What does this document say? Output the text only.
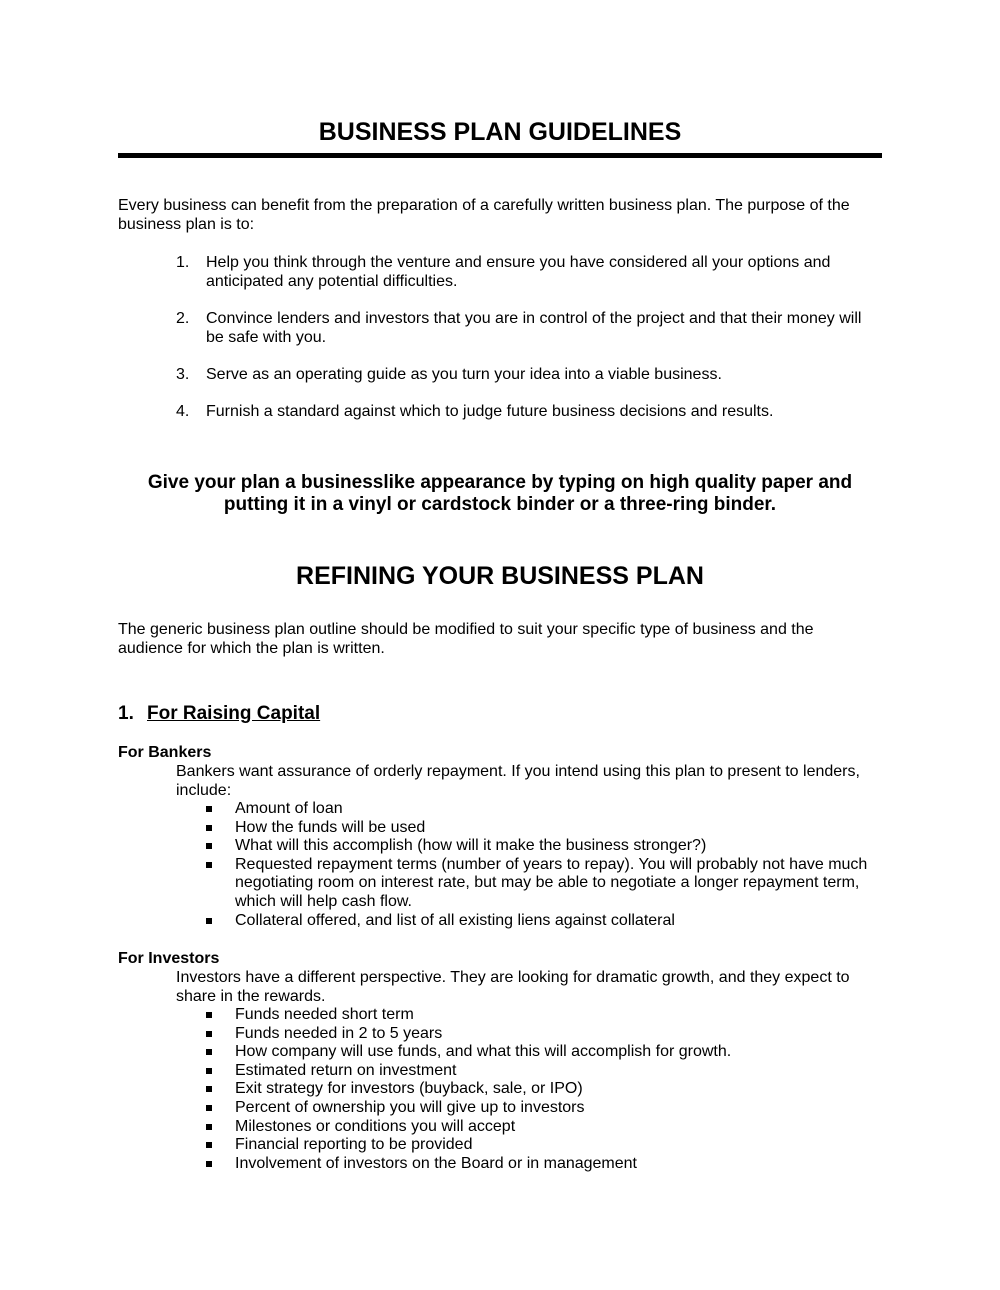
BUSINESS PLAN GUIDELINES

Every business can benefit from the preparation of a carefully written business plan. The purpose of the business plan is to:

1. Help you think through the venture and ensure you have considered all your options and anticipated any potential difficulties.
2. Convince lenders and investors that you are in control of the project and that their money will be safe with you.
3. Serve as an operating guide as you turn your idea into a viable business.
4. Furnish a standard against which to judge future business decisions and results.

Give your plan a businesslike appearance by typing on high quality paper and putting it in a vinyl or cardstock binder or a three-ring binder.

REFINING YOUR BUSINESS PLAN

The generic business plan outline should be modified to suit your specific type of business and the audience for which the plan is written.

1. For Raising Capital
For Bankers

Bankers want assurance of orderly repayment. If you intend using this plan to present to lenders, include:

Amount of loan
How the funds will be used
What will this accomplish (how will it make the business stronger?)
Requested repayment terms (number of years to repay). You will probably not have much negotiating room on interest rate, but may be able to negotiate a longer repayment term, which will help cash flow.
Collateral offered, and list of all existing liens against collateral
For Investors

Investors have a different perspective. They are looking for dramatic growth, and they expect to share in the rewards.

Funds needed short term
Funds needed in 2 to 5 years
How company will use funds, and what this will accomplish for growth.
Estimated return on investment
Exit strategy for investors (buyback, sale, or IPO)
Percent of ownership you will give up to investors
Milestones or conditions you will accept
Financial reporting to be provided
Involvement of investors on the Board or in management
